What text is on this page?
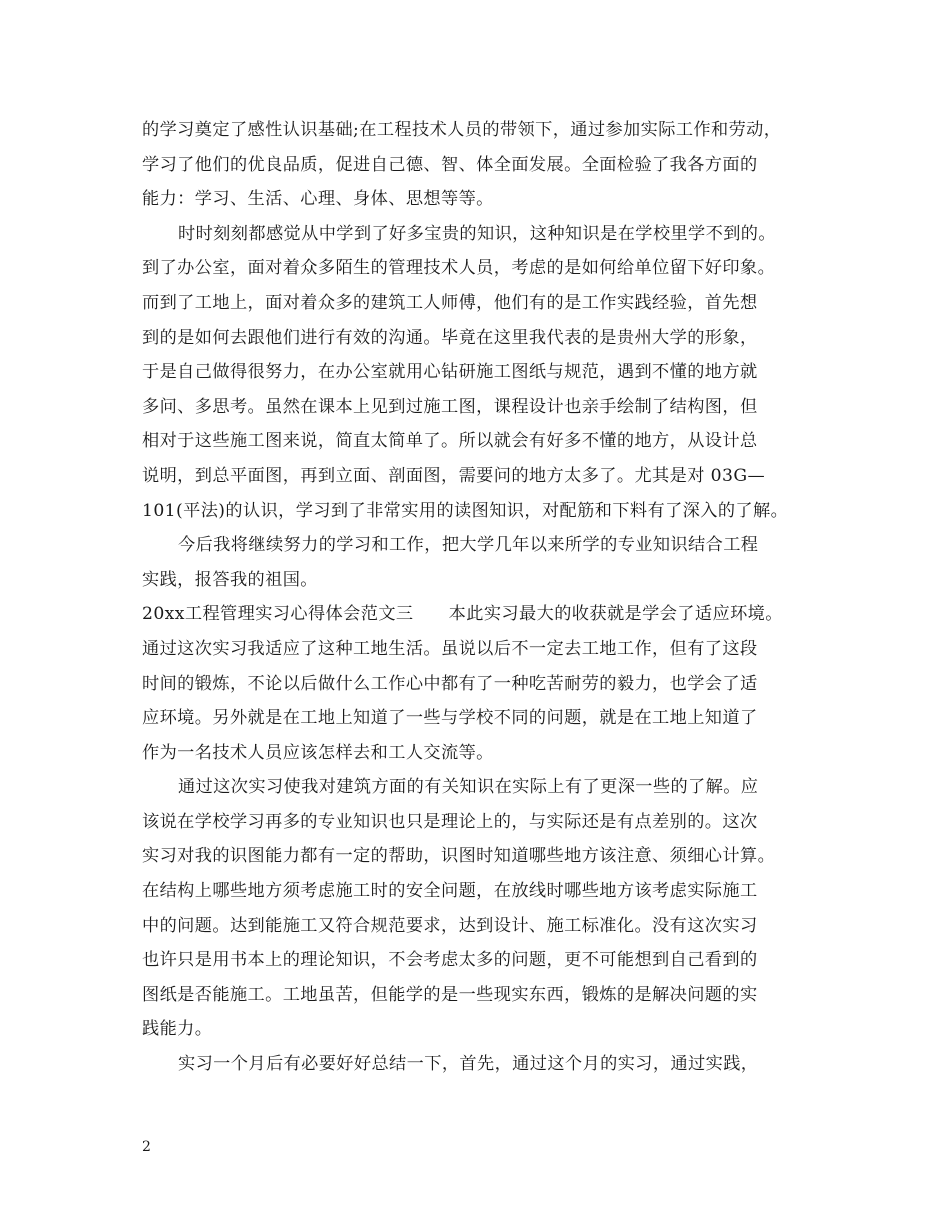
的学习奠定了感性认识基础;在工程技术人员的带领下，通过参加实际工作和劳动，
学习了他们的优良品质，促进自己德、智、体全面发展。全面检验了我各方面的
能力：学习、生活、心理、身体、思想等等。
时时刻刻都感觉从中学到了好多宝贵的知识，这种知识是在学校里学不到的。
到了办公室，面对着众多陌生的管理技术人员，考虑的是如何给单位留下好印象。
而到了工地上，面对着众多的建筑工人师傅，他们有的是工作实践经验，首先想
到的是如何去跟他们进行有效的沟通。毕竟在这里我代表的是贵州大学的形象，
于是自己做得很努力，在办公室就用心钻研施工图纸与规范，遇到不懂的地方就
多问、多思考。虽然在课本上见到过施工图，课程设计也亲手绘制了结构图，但
相对于这些施工图来说，简直太简单了。所以就会有好多不懂的地方，从设计总
说明，到总平面图，再到立面、剖面图，需要问的地方太多了。尤其是对 03G—
101(平法)的认识，学习到了非常实用的读图知识，对配筋和下料有了深入的了解。
今后我将继续努力的学习和工作，把大学几年以来所学的专业知识结合工程
实践，报答我的祖国。
20xx工程管理实习心得体会范文三　　本此实习最大的收获就是学会了适应环境。
通过这次实习我适应了这种工地生活。虽说以后不一定去工地工作，但有了这段
时间的锻炼，不论以后做什么工作心中都有了一种吃苦耐劳的毅力，也学会了适
应环境。另外就是在工地上知道了一些与学校不同的问题，就是在工地上知道了
作为一名技术人员应该怎样去和工人交流等。
通过这次实习使我对建筑方面的有关知识在实际上有了更深一些的了解。应
该说在学校学习再多的专业知识也只是理论上的，与实际还是有点差别的。这次
实习对我的识图能力都有一定的帮助，识图时知道哪些地方该注意、须细心计算。
在结构上哪些地方须考虑施工时的安全问题，在放线时哪些地方该考虑实际施工
中的问题。达到能施工又符合规范要求，达到设计、施工标准化。没有这次实习
也许只是用书本上的理论知识，不会考虑太多的问题，更不可能想到自己看到的
图纸是否能施工。工地虽苦，但能学的是一些现实东西，锻炼的是解决问题的实
践能力。
实习一个月后有必要好好总结一下，首先，通过这个月的实习，通过实践，
2
